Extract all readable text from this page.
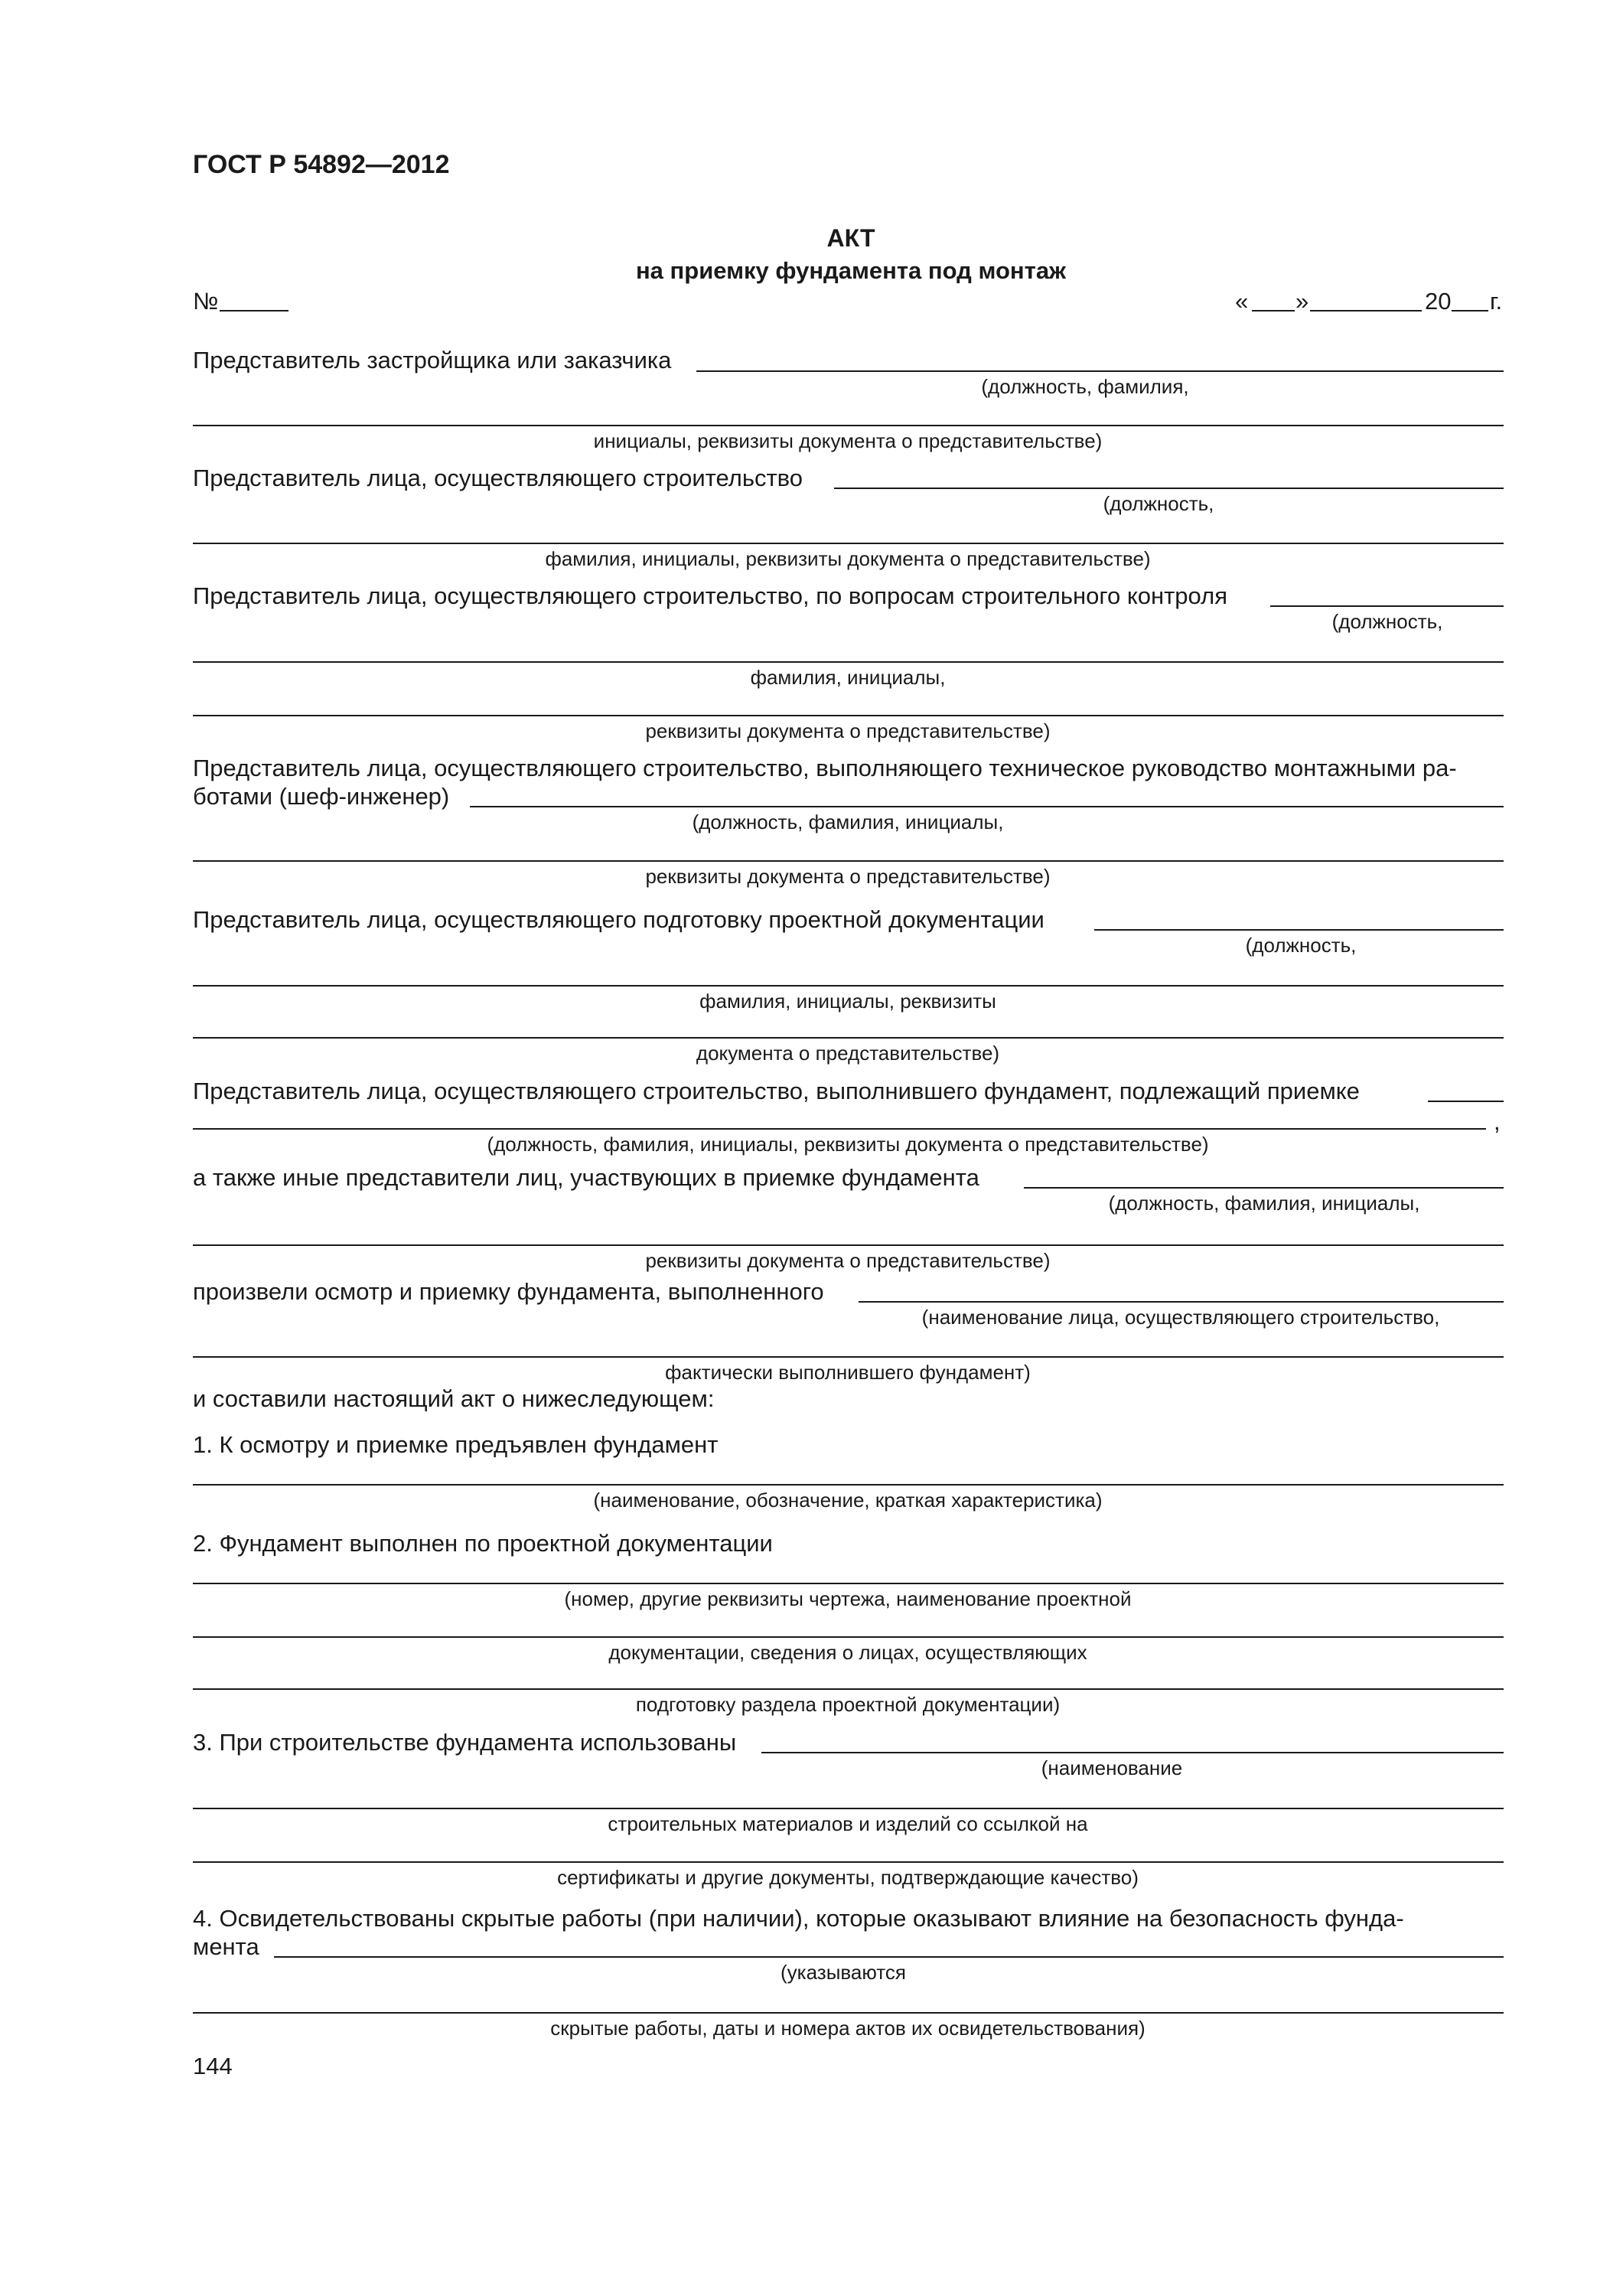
ГОСТ Р 54892—2012
АКТ
на приемку фундамента под монтаж
№	« »	20 г.
Представитель застройщика или заказчика
(должность, фамилия,
инициалы, реквизиты документа о представительстве)
Представитель лица, осуществляющего строительство
(должность,
фамилия, инициалы, реквизиты документа о представительстве)
Представитель лица, осуществляющего строительство, по вопросам строительного контроля
(должность,
фамилия, инициалы,
реквизиты документа о представительстве)
Представитель лица, осуществляющего строительство, выполняющего техническое руководство монтажными ра-
ботами (шеф-инженер)
(должность, фамилия, инициалы,
реквизиты документа о представительстве)
Представитель лица, осуществляющего подготовку проектной документации
(должность,
фамилия, инициалы, реквизиты
документа о представительстве)
Представитель лица, осуществляющего строительство, выполнившего фундамент, подлежащий приемке
,
(должность, фамилия, инициалы, реквизиты документа о представительстве)
а также иные представители лиц, участвующих в приемке фундамента
(должность, фамилия, инициалы,
реквизиты документа о представительстве)
произвели осмотр и приемку фундамента, выполненного
(наименование лица, осуществляющего строительство,
фактически выполнившего фундамент)
и составили настоящий акт о нижеследующем:
1. К осмотру и приемке предъявлен фундамент
(наименование, обозначение, краткая характеристика)
2. Фундамент выполнен по проектной документации
(номер, другие реквизиты чертежа, наименование проектной
документации, сведения о лицах, осуществляющих
подготовку раздела проектной документации)
3. При строительстве фундамента использованы
(наименование
строительных материалов и изделий со ссылкой на
сертификаты и другие документы, подтверждающие качество)
4. Освидетельствованы скрытые работы (при наличии), которые оказывают влияние на безопасность фунда-
мента
(указываются
скрытые работы, даты и номера актов их освидетельствования)
144
